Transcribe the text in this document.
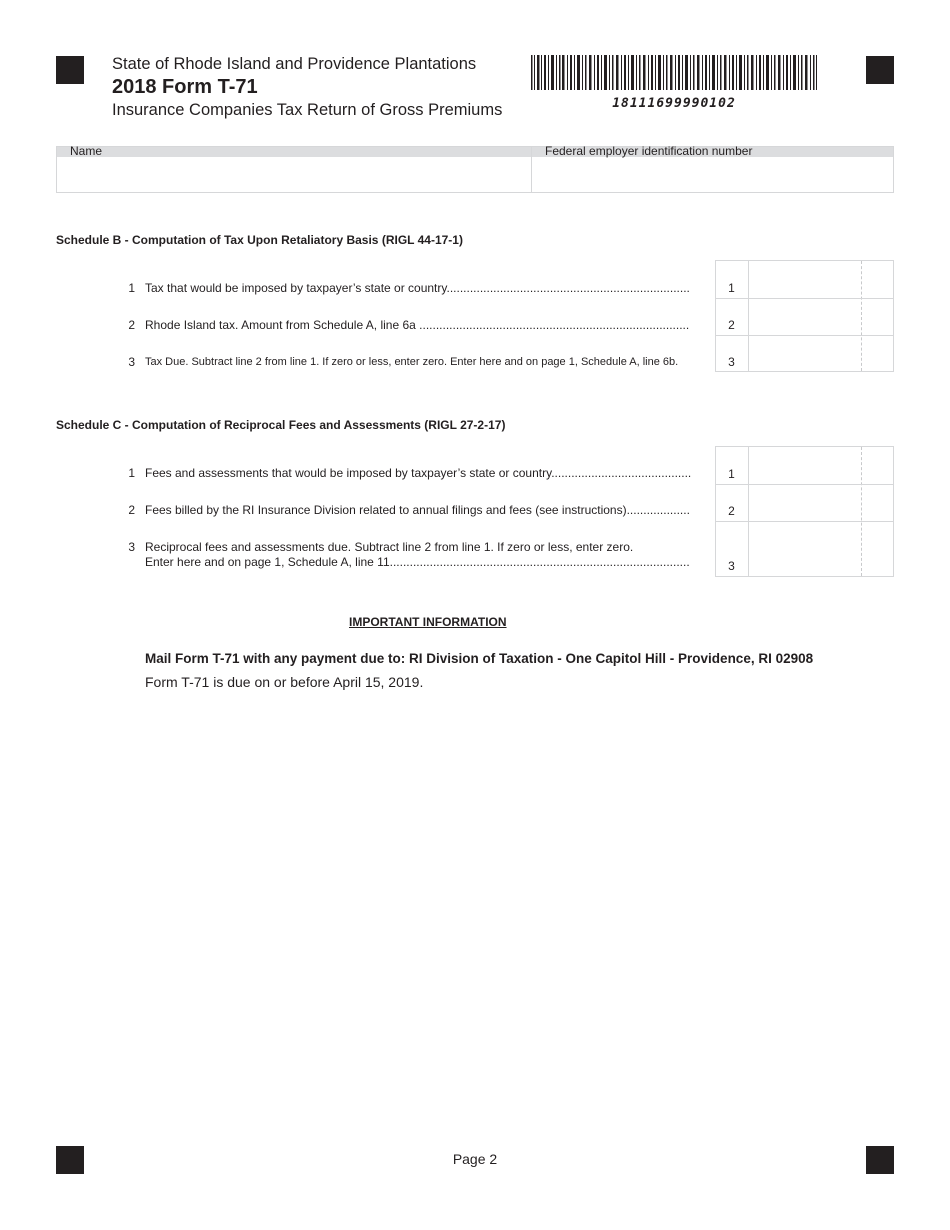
State of Rhode Island and Providence Plantations
2018 Form T-71
Insurance Companies Tax Return of Gross Premiums	18111699990102
Name	Federal employer identification number
Schedule B - Computation of Tax Upon Retaliatory Basis (RIGL 44-17-1)
1 Tax that would be imposed by taxpayer’s state or country.........................................................................
2 Rhode Island tax. Amount from Schedule A, line 6a .................................................................................
3 Tax Due. Subtract line 2 from line 1. If zero or less, enter zero. Enter here and on page 1, Schedule A, line 6b.
1
2
3
Schedule C - Computation of Reciprocal Fees and Assessments (RIGL 27-2-17)
1 Fees and assessments that would be imposed by taxpayer’s state or country..........................................
2 Fees billed by the RI Insurance Division related to annual filings and fees (see instructions)...................
3 Reciprocal fees and assessments due. Subtract line 2 from line 1. If zero or less, enter zero.
Enter here and on page 1, Schedule A, line 11..........................................................................................
1
2
3
IMPORTANT INFORMATION
Mail Form T-71 with any payment due to: RI Division of Taxation - One Capitol Hill - Providence, RI 02908
Form T-71 is due on or before April 15, 2019.
Page 2
